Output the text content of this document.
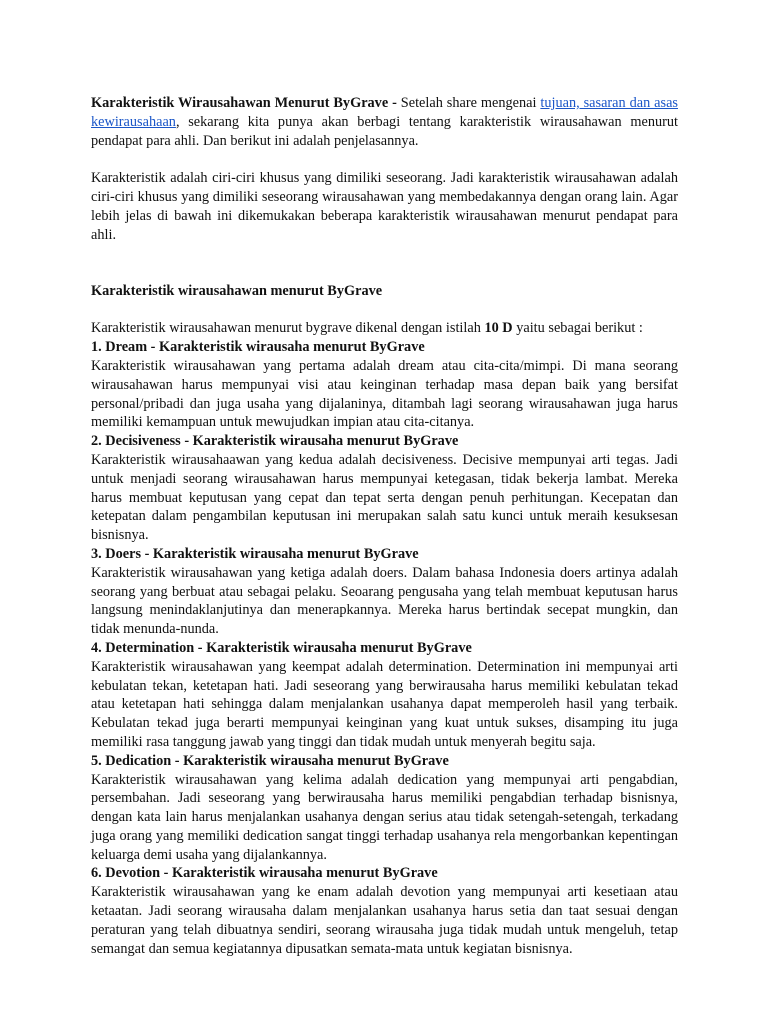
Karakteristik Wirausahawan Menurut ByGrave - Setelah share mengenai tujuan, sasaran dan asas kewirausahaan, sekarang kita punya akan berbagi tentang karakteristik wirausahawan menurut pendapat para ahli. Dan berikut ini adalah penjelasannya.

Karakteristik adalah ciri-ciri khusus yang dimiliki seseorang. Jadi karakteristik wirausahawan adalah ciri-ciri khusus yang dimiliki seseorang wirausahawan yang membedakannya dengan orang lain. Agar lebih jelas di bawah ini dikemukakan beberapa karakteristik wirausahawan menurut pendapat para ahli.

Karakteristik wirausahawan menurut ByGrave

Karakteristik wirausahawan menurut bygrave dikenal dengan istilah 10 D yaitu sebagai berikut :

1. Dream - Karakteristik wirausaha menurut ByGrave

Karakteristik wirausahawan yang pertama adalah dream atau cita-cita/mimpi. Di mana seorang wirausahawan harus mempunyai visi atau keinginan terhadap masa depan baik yang bersifat personal/pribadi dan juga usaha yang dijalaninya, ditambah lagi seorang wirausahawan juga harus memiliki kemampuan untuk mewujudkan impian atau cita-citanya.

2. Decisiveness - Karakteristik wirausaha menurut ByGrave

Karakteristik wirausahaawan yang kedua adalah decisiveness. Decisive mempunyai arti tegas. Jadi untuk menjadi seorang wirausahawan harus mempunyai ketegasan, tidak bekerja lambat. Mereka harus membuat keputusan yang cepat dan tepat serta dengan penuh perhitungan. Kecepatan dan ketepatan dalam pengambilan keputusan ini merupakan salah satu kunci untuk meraih kesuksesan bisnisnya.

3. Doers - Karakteristik wirausaha menurut ByGrave

Karakteristik wirausahawan yang ketiga adalah doers. Dalam bahasa Indonesia doers artinya adalah seorang yang berbuat atau sebagai pelaku. Seoarang pengusaha yang telah membuat keputusan harus langsung menindaklanjutinya dan menerapkannya. Mereka harus bertindak secepat mungkin, dan tidak menunda-nunda.

4. Determination - Karakteristik wirausaha menurut ByGrave

Karakteristik wirausahawan yang keempat adalah determination. Determination ini mempunyai arti kebulatan tekan, ketetapan hati. Jadi seseorang yang berwirausaha harus memiliki kebulatan tekad atau ketetapan hati sehingga dalam menjalankan usahanya dapat memperoleh hasil yang terbaik. Kebulatan tekad juga berarti mempunyai keinginan yang kuat untuk sukses, disamping itu juga memiliki rasa tanggung jawab yang tinggi dan tidak mudah untuk menyerah begitu saja.

5. Dedication - Karakteristik wirausaha menurut ByGrave

Karakteristik wirausahawan yang kelima adalah dedication yang mempunyai arti pengabdian, persembahan. Jadi seseorang yang berwirausaha harus memiliki pengabdian terhadap bisnisnya, dengan kata lain harus menjalankan usahanya dengan serius atau tidak setengah-setengah, terkadang juga orang yang memiliki dedication sangat tinggi terhadap usahanya rela mengorbankan kepentingan keluarga demi usaha yang dijalankannya.

6. Devotion - Karakteristik wirausaha menurut ByGrave

Karakteristik wirausahawan yang ke enam adalah devotion yang mempunyai arti kesetiaan atau ketaatan. Jadi seorang wirausaha dalam menjalankan usahanya harus setia dan taat sesuai dengan peraturan yang telah dibuatnya sendiri, seorang wirausaha juga tidak mudah untuk mengeluh, tetap semangat dan semua kegiatannya dipusatkan semata-mata untuk kegiatan bisnisnya.
